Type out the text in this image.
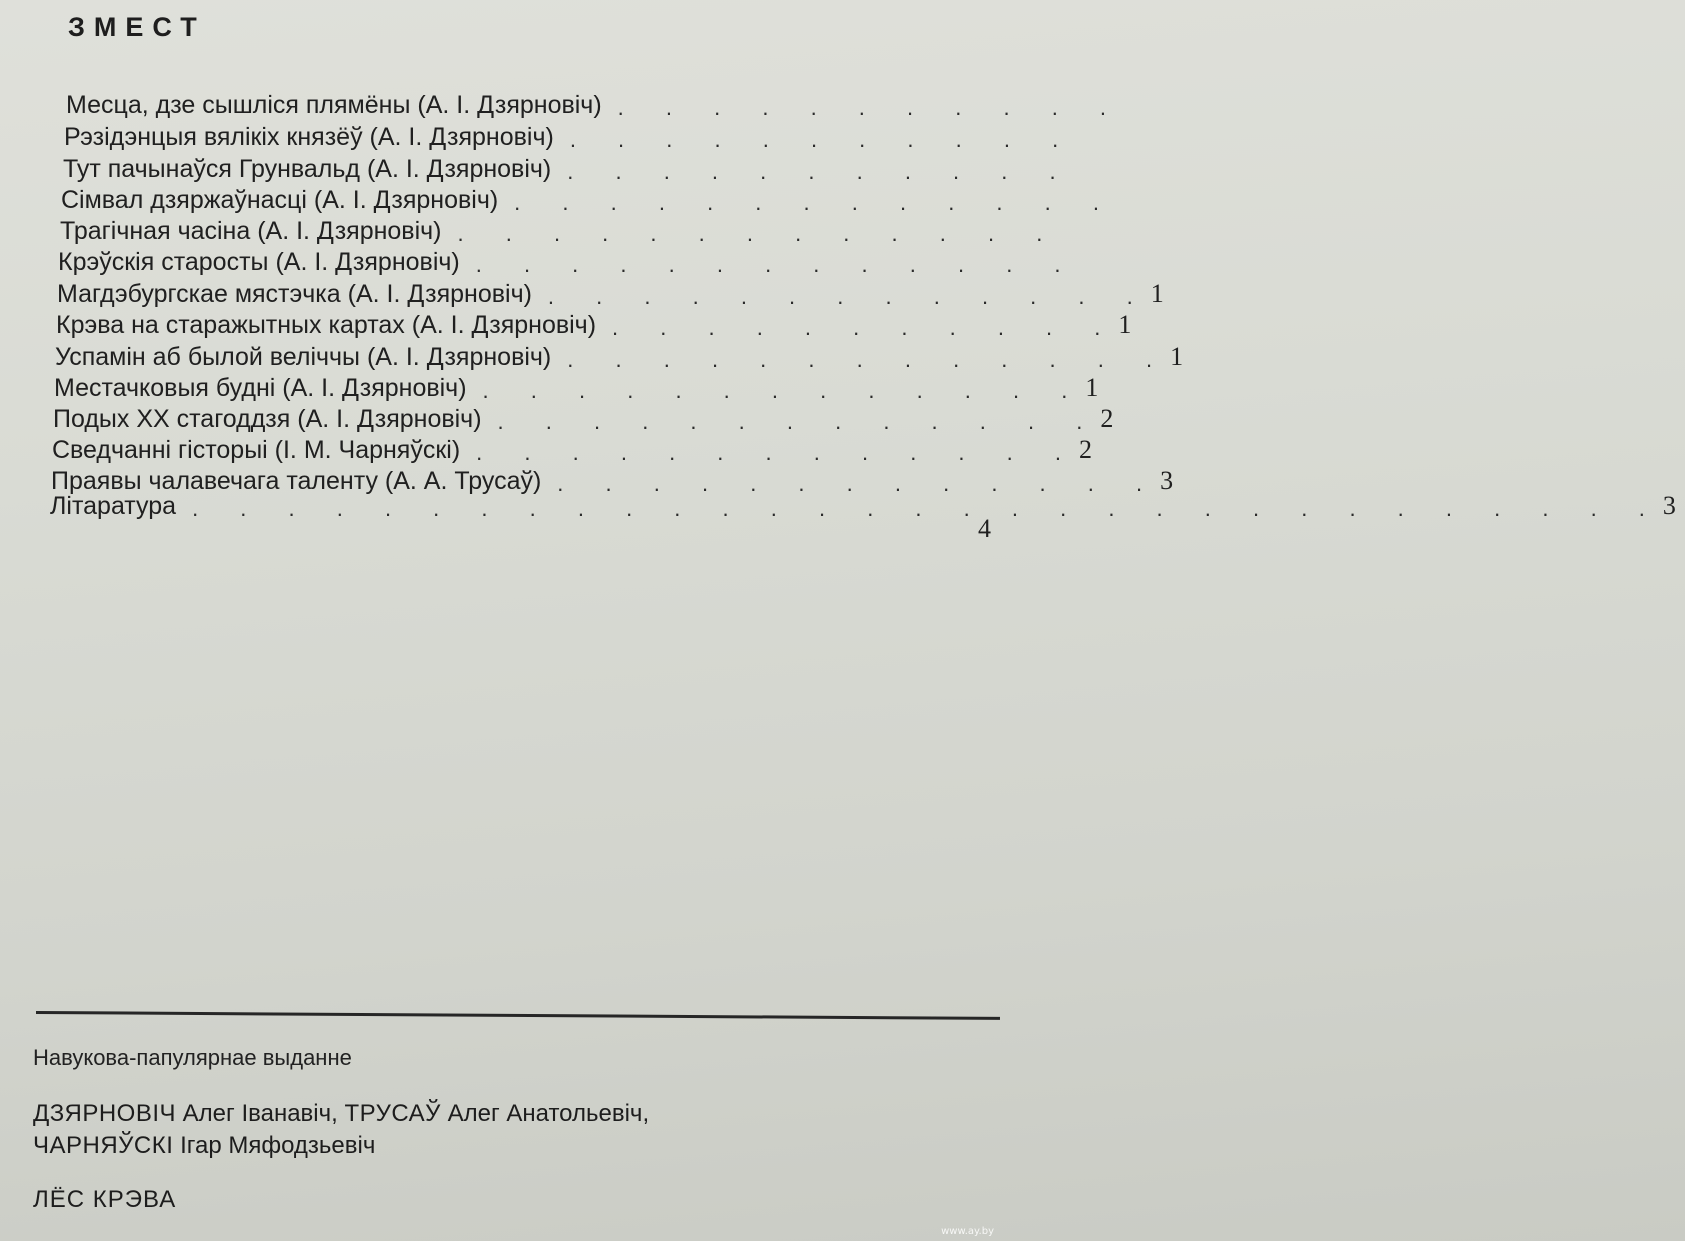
ЗМЕСТ
Месца, дзе сышліся плямёны (А. І. Дзярновіч) . . . . . . . . . . .
Рэзідэнцыя вялікіх князёў (А. І. Дзярновіч) . . . . . . . . . . .
Тут пачынаўся Грунвальд (А. І. Дзярновіч) . . . . . . . . . . .
Сімвал дзяржаўнасці (А. І. Дзярновіч) . . . . . . . . . . . . .
Трагічная часіна (А. І. Дзярновіч) . . . . . . . . . . . . .
Крэўскія старосты (А. І. Дзярновіч) . . . . . . . . . . . . .
Магдэбургскае мястэчка (А. І. Дзярновіч) . . . . . . . . . . . . . 1
Крэва на старажытных картах (А. І. Дзярновіч) . . . . . . . . . . . 1
Успамін аб былой веліччы (А. І. Дзярновіч) . . . . . . . . . . . . . 1
Местачковыя будні (А. І. Дзярновіч) . . . . . . . . . . . . . 1
Подых XX стагоддзя (А. І. Дзярновіч) . . . . . . . . . . . . . 2
Сведчанні гісторыі (І. М. Чарняўскі) . . . . . . . . . . . . . 2
Праявы чалавечага таленту (А. А. Трусаў) . . . . . . . . . . . . . 3
Літаратура . . . . . . . . . . . . . . . . . . . . . . . . . . . . . . . 3
4
Навукова-папулярнае выданне
ДЗЯРНОВІЧ Алег Іванавіч, ТРУСАЎ Алег Анатольевіч,
ЧАРНЯЎСКІ Ігар Мяфодзьевіч
ЛЁС КРЭВА
www.ay.by
